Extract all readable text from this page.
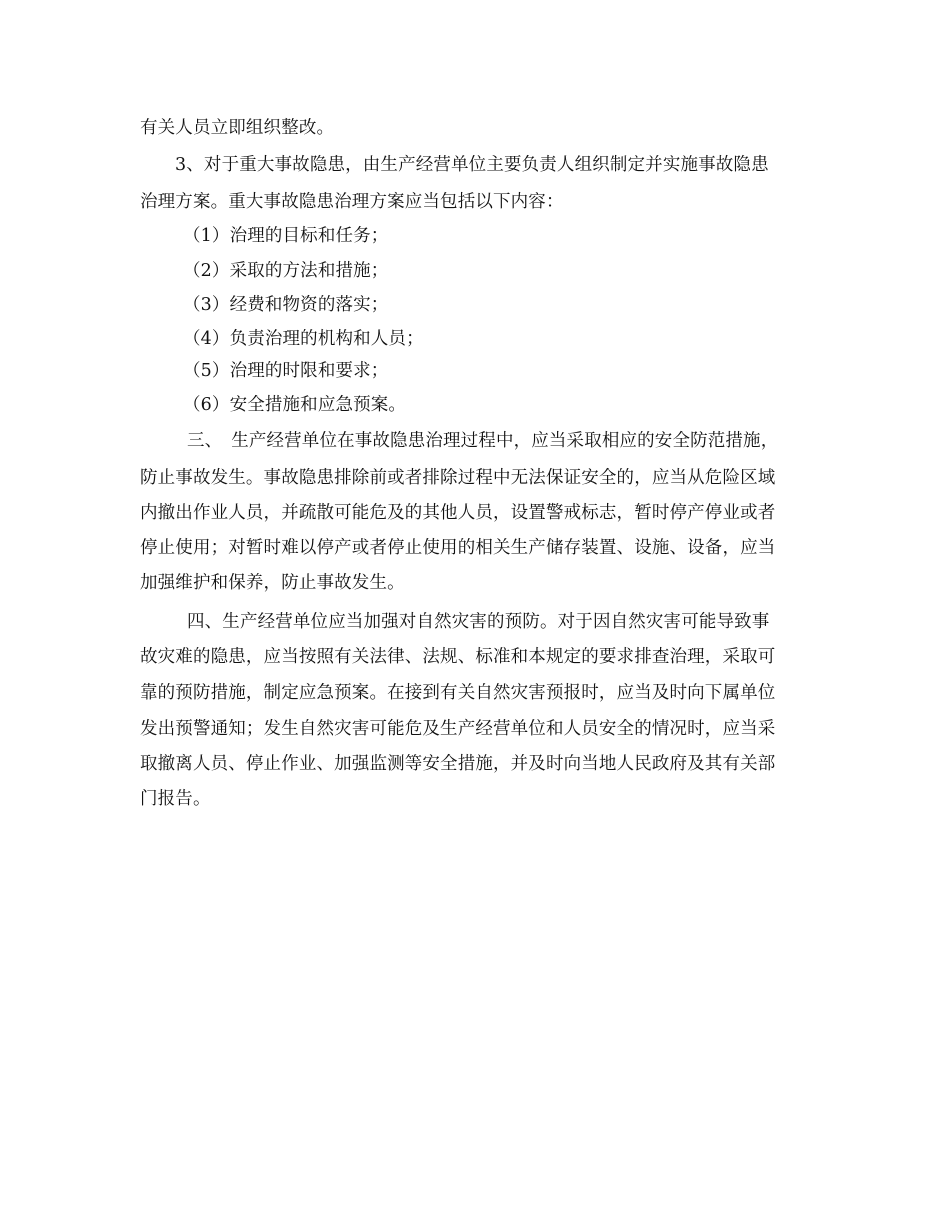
有关人员立即组织整改。
3、对于重大事故隐患，由生产经营单位主要负责人组织制定并实施事故隐患
治理方案。重大事故隐患治理方案应当包括以下内容：
（1）治理的目标和任务；
（2）采取的方法和措施；
（3）经费和物资的落实；
（4）负责治理的机构和人员；
（5）治理的时限和要求；
（6）安全措施和应急预案。
三、　生产经营单位在事故隐患治理过程中，应当采取相应的安全防范措施，
防止事故发生。事故隐患排除前或者排除过程中无法保证安全的，应当从危险区域
内撤出作业人员，并疏散可能危及的其他人员，设置警戒标志，暂时停产停业或者
停止使用；对暂时难以停产或者停止使用的相关生产储存装置、设施、设备，应当
加强维护和保养，防止事故发生。
四、生产经营单位应当加强对自然灾害的预防。对于因自然灾害可能导致事
故灾难的隐患，应当按照有关法律、法规、标准和本规定的要求排查治理，采取可
靠的预防措施，制定应急预案。在接到有关自然灾害预报时，应当及时向下属单位
发出预警通知；发生自然灾害可能危及生产经营单位和人员安全的情况时，应当采
取撤离人员、停止作业、加强监测等安全措施，并及时向当地人民政府及其有关部
门报告。
